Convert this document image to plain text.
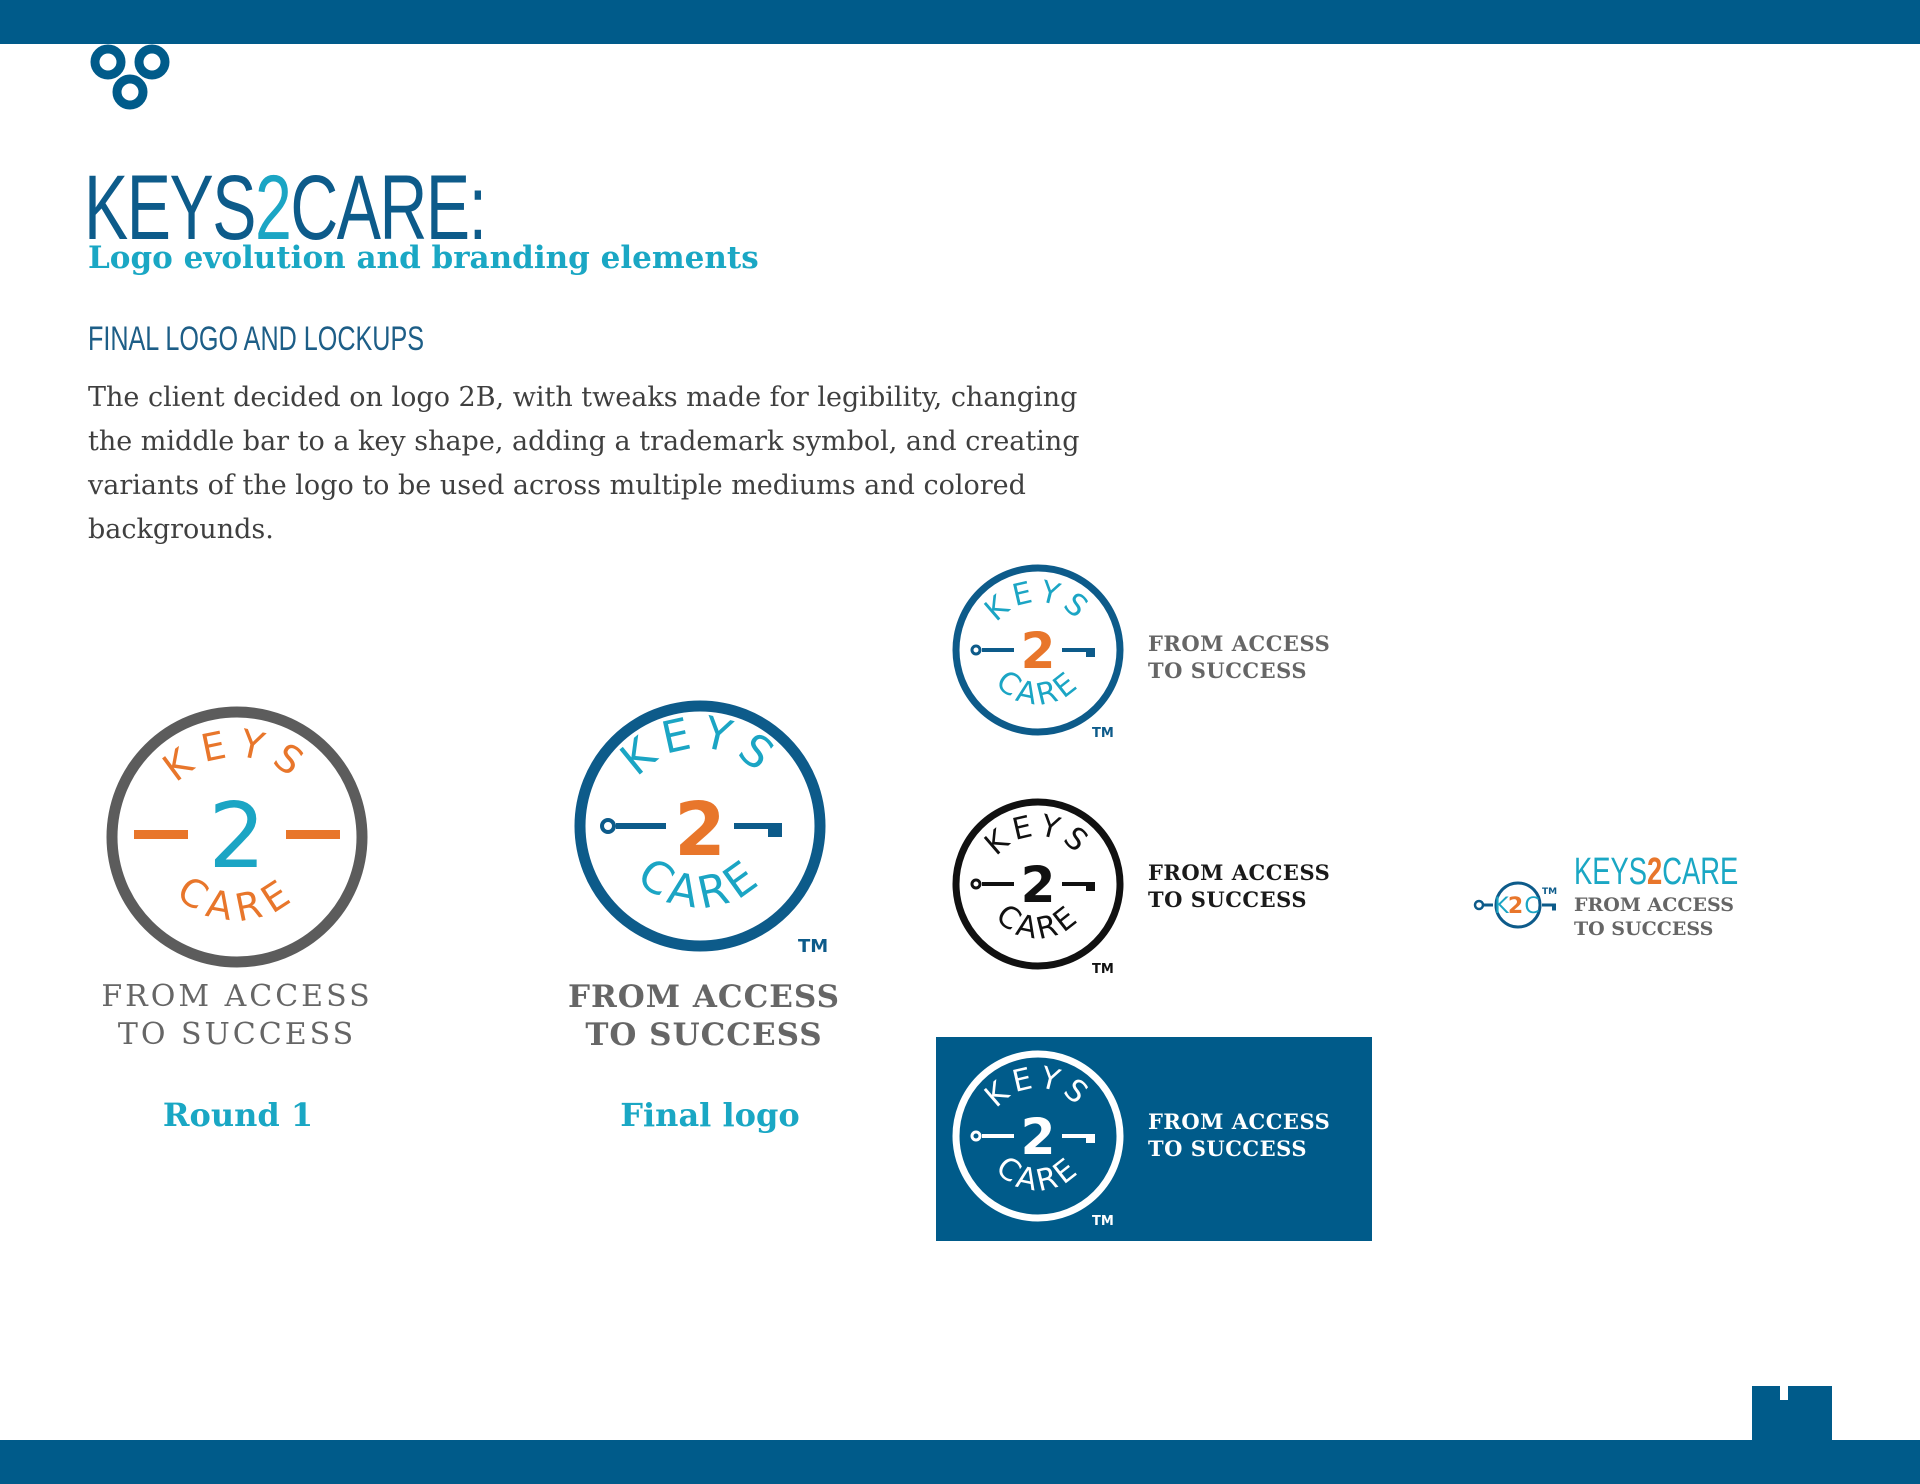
KEYS2CARE:
Logo evolution and branding elements
FINAL LOGO AND LOCKUPS

The client decided on logo 2B, with tweaks made for legibility, changing the middle bar to a key shape, adding a trademark symbol, and creating variants of the logo to be used across multiple mediums and colored backgrounds.

KEYS
CARE
2
FROM ACCESS
TO SUCCESS
Round 1
KEYS
CARE
2
TM
FROM ACCESS
TO SUCCESS
Final logo
KEYS
CARE
2	FROM ACCESS
TO SUCCESS
TM
KEYS
CARE
2	FROM ACCESS
TO SUCCESS
TM
KEYS
CARE
2	FROM ACCESS
TO SUCCESS
TM
K 2 C
TM KEYS2CARE
FROM ACCESS
TO SUCCESS
